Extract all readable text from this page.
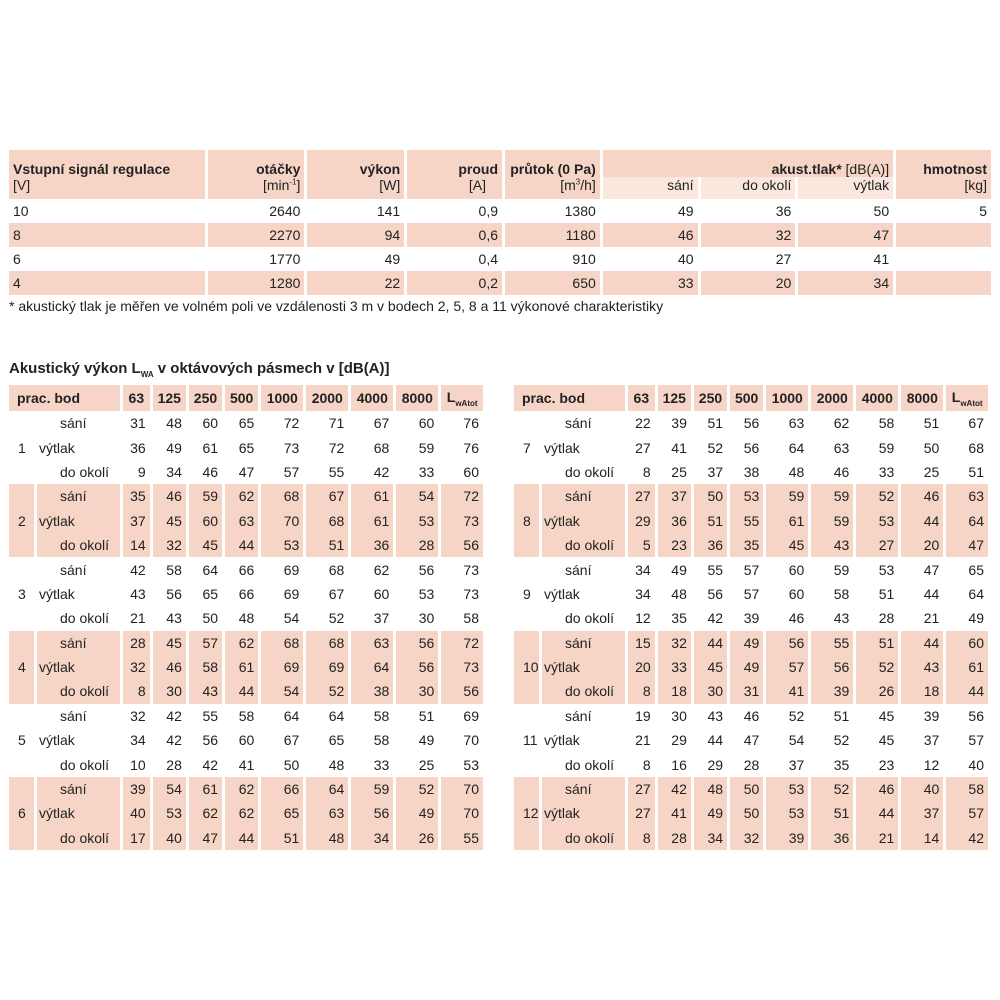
Vstupní signál regulace	otáčky	výkon	proud	průtok (0 Pa)	akust.tlak* [dB(A)]			hmotnost
[V]	$[\min^{-1}]$	[W]	[A]	$[m^3/h]$	sání	do okolí	výtlak	[kg]
10	2640	141	0,9	1380	49	36	50	5
8	2270	94	0,6	1180	46	32	47	
6	1770	49	0,4	910	40	27	41	
4	1280	22	0,2	650	33	20	34	
* akustický tlak je měřen ve volném poli ve vzdálenosti 3 m v bodech 2, 5, 8 a 11 výkonové charakteristiky
Akustický výkon $L_{WA}$ v oktávových pásmech v [dB(A)]
prac. bod		63	125	250	500	1000	2000	4000	8000	$L_{wAtot}$
	sání	31	48	60	65	72	71	67	60	76
1	výtlak	36	49	61	65	73	72	68	59	76
	do okolí	9	34	46	47	57	55	42	33	60
	sání	35	46	59	62	68	67	61	54	72
2	výtlak	37	45	60	63	70	68	61	53	73
	do okolí	14	32	45	44	53	51	36	28	56
	sání	42	58	64	66	69	68	62	56	73
3	výtlak	43	56	65	66	69	67	60	53	73
	do okolí	21	43	50	48	54	52	37	30	58
	sání	28	45	57	62	68	68	63	56	72
4	výtlak	32	46	58	61	69	69	64	56	73
	do okolí	8	30	43	44	54	52	38	30	56
	sání	32	42	55	58	64	64	58	51	69
5	výtlak	34	42	56	60	67	65	58	49	70
	do okolí	10	28	42	41	50	48	33	25	53
	sání	39	54	61	62	66	64	59	52	70
6	výtlak	40	53	62	62	65	63	56	49	70
	do okolí	17	40	47	44	51	48	34	26	55
prac. bod		63	125	250	500	1000	2000	4000	8000	$L_{wAtot}$
	sání	22	39	51	56	63	62	58	51	67
7	výtlak	27	41	52	56	64	63	59	50	68
	do okolí	8	25	37	38	48	46	33	25	51
	sání	27	37	50	53	59	59	52	46	63
8	výtlak	29	36	51	55	61	59	53	44	64
	do okolí	5	23	36	35	45	43	27	20	47
	sání	34	49	55	57	60	59	53	47	65
9	výtlak	34	48	56	57	60	58	51	44	64
	do okolí	12	35	42	39	46	43	28	21	49
	sání	15	32	44	49	56	55	51	44	60
10	výtlak	20	33	45	49	57	56	52	43	61
	do okolí	8	18	30	31	41	39	26	18	44
	sání	19	30	43	46	52	51	45	39	56
11	výtlak	21	29	44	47	54	52	45	37	57
	do okolí	8	16	29	28	37	35	23	12	40
	sání	27	42	48	50	53	52	46	40	58
12	výtlak	27	41	49	50	53	51	44	37	57
	do okolí	8	28	34	32	39	36	21	14	42
